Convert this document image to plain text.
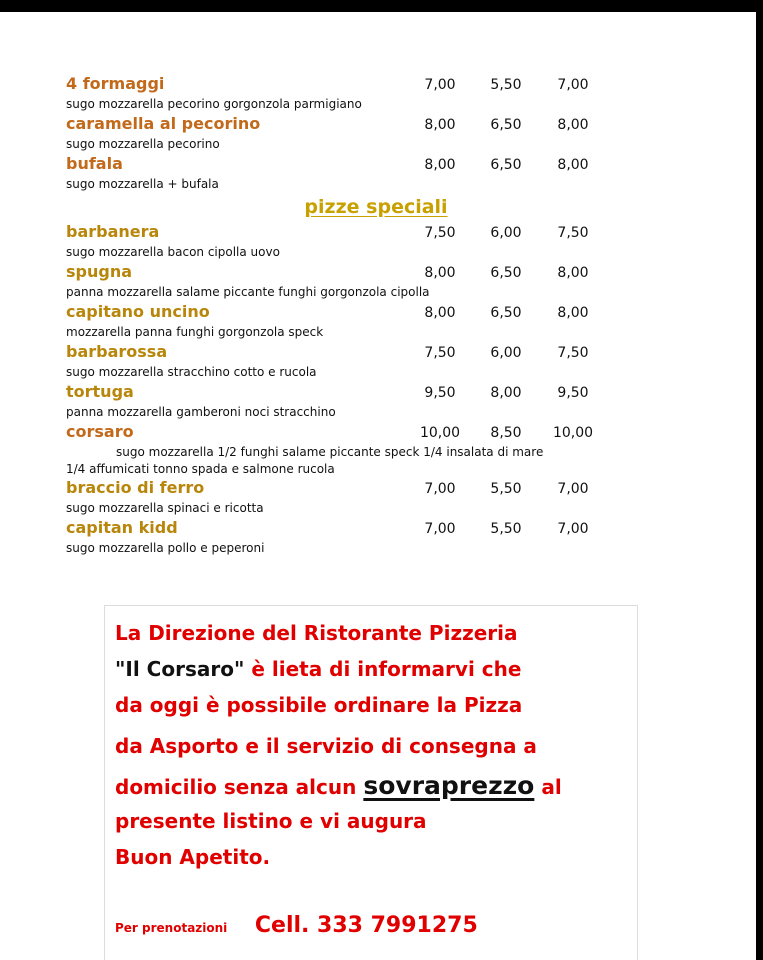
4 formaggi	7,00	5,50	7,00
sugo mozzarella pecorino gorgonzola parmigiano
caramella al pecorino	8,00	6,50	8,00
sugo mozzarella pecorino
bufala	8,00	6,50	8,00
sugo mozzarella + bufala
pizze speciali
barbanera	7,50	6,00	7,50
sugo mozzarella bacon cipolla uovo
spugna	8,00	6,50	8,00
panna mozzarella salame piccante funghi gorgonzola cipolla
capitano uncino	8,00	6,50	8,00
mozzarella panna funghi gorgonzola speck
barbarossa	7,50	6,00	7,50
sugo mozzarella stracchino cotto e rucola
tortuga	9,50	8,00	9,50
panna mozzarella gamberoni noci stracchino
corsaro	10,00	8,50	10,00
sugo mozzarella 1/2 funghi salame piccante speck 1/4 insalata di mare
1/4 affumicati tonno spada e salmone rucola
braccio di ferro	7,00	5,50	7,00
sugo mozzarella spinaci e ricotta
capitan kidd	7,00	5,50	7,00
sugo mozzarella pollo e peperoni
La Direzione del Ristorante Pizzeria
"Il Corsaro" è lieta di informarvi che
da oggi è possibile ordinare la Pizza
da Asporto e il servizio di consegna a
domicilio senza alcun sovraprezzo al
presente listino e vi augura
Buon Apetito.
Per prenotazioni Cell. 333 7991275
